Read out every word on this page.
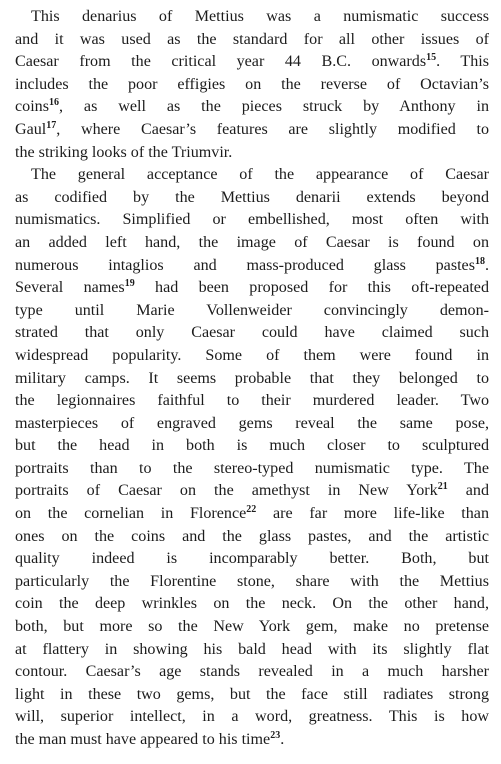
This denarius of Mettius was a numismatic success
and it was used as the standard for all other issues of
Caesar from the critical year 44 B.C. onwards$^{15}$. This
includes the poor effigies on the reverse of Octavian’s
coins$^{16}$, as well as the pieces struck by Anthony in
Gaul$^{17}$, where Caesar’s features are slightly modified to
the striking looks of the Triumvir.
The general acceptance of the appearance of Caesar
as codified by the Mettius denarii extends beyond
numismatics. Simplified or embellished, most often with
an added left hand, the image of Caesar is found on
numerous intaglios and mass-produced glass pastes$^{18}$.
Several names$^{19}$ had been proposed for this oft-repeated
type until Marie Vollenweider convincingly demon-
strated that only Caesar could have claimed such
widespread popularity. Some of them were found in
military camps. It seems probable that they belonged to
the legionnaires faithful to their murdered leader. Two
masterpieces of engraved gems reveal the same pose,
but the head in both is much closer to sculptured
portraits than to the stereo-typed numismatic type. The
portraits of Caesar on the amethyst in New York$^{21}$ and
on the cornelian in Florence$^{22}$ are far more life-like than
ones on the coins and the glass pastes, and the artistic
quality indeed is incomparably better. Both, but
particularly the Florentine stone, share with the Mettius
coin the deep wrinkles on the neck. On the other hand,
both, but more so the New York gem, make no pretense
at flattery in showing his bald head with its slightly flat
contour. Caesar’s age stands revealed in a much harsher
light in these two gems, but the face still radiates strong
will, superior intellect, in a word, greatness. This is how
the man must have appeared to his time$^{23}$.
